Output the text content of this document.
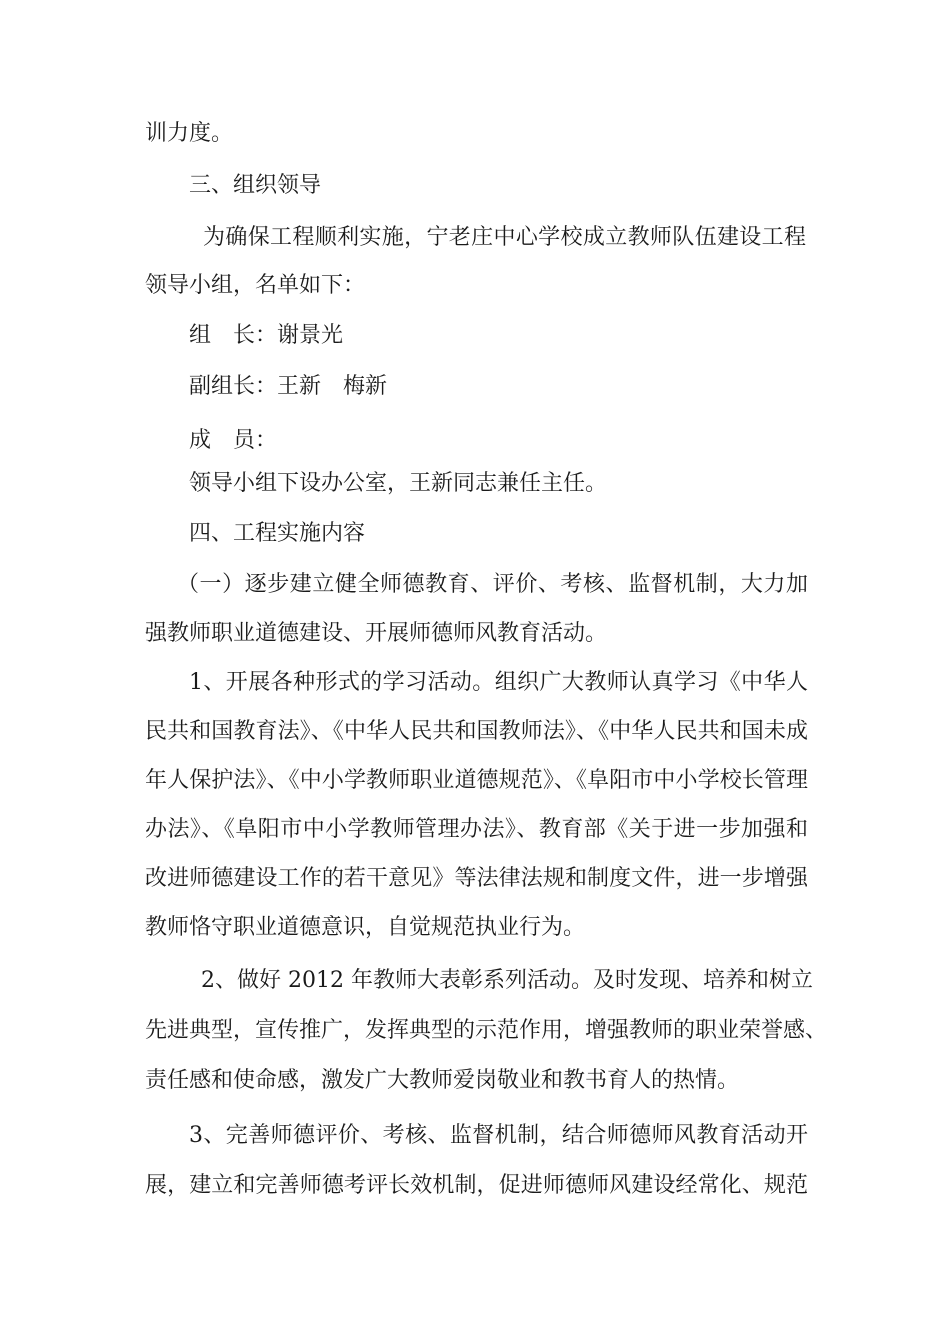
训力度。
三、组织领导
为确保工程顺利实施，宁老庄中心学校成立教师队伍建设工程
领导小组，名单如下：
组　长：谢景光
副组长：王新　梅新
成　员：
领导小组下设办公室，王新同志兼任主任。
四、工程实施内容
（一）逐步建立健全师德教育、评价、考核、监督机制，大力加
强教师职业道德建设、开展师德师风教育活动。
1、开展各种形式的学习活动。组织广大教师认真学习《中华人
民共和国教育法》、《中华人民共和国教师法》、《中华人民共和国未成
年人保护法》、《中小学教师职业道德规范》、《阜阳市中小学校长管理
办法》、《阜阳市中小学教师管理办法》、教育部《关于进一步加强和
改进师德建设工作的若干意见》等法律法规和制度文件，进一步增强
教师恪守职业道德意识，自觉规范执业行为。
2、做好 2012 年教师大表彰系列活动。及时发现、培养和树立
先进典型，宣传推广，发挥典型的示范作用，增强教师的职业荣誉感、
责任感和使命感，激发广大教师爱岗敬业和教书育人的热情。
3、完善师德评价、考核、监督机制，结合师德师风教育活动开
展，建立和完善师德考评长效机制，促进师德师风建设经常化、规范
